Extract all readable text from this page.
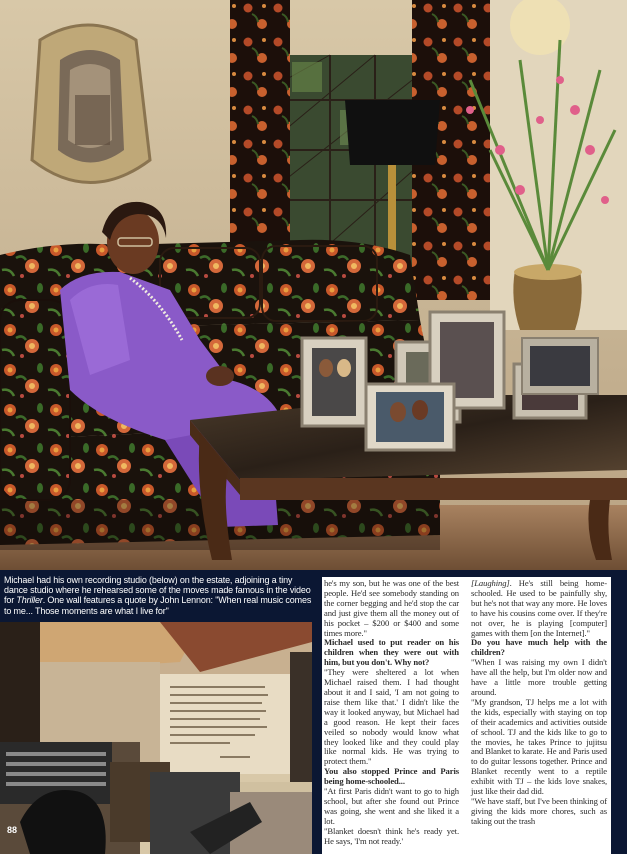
Michael had his own recording studio (below) on the estate, adjoining a tiny dance studio where he rehearsed some of the moves made famous in the video for Thriller. One wall features a quote by John Lennon: "When real music comes to me... Those moments are what I live for"
88

he's my son, but he was one of the best people. He'd see somebody standing on the corner begging and he'd stop the car and just give them all the money out of his pocket – $200 or $400 and some times more."

Michael used to put reader on his children when they were out with him, but you don't. Why not?

"They were sheltered a lot when Michael raised them. I had thought about it and I said, 'I am not going to raise them like that.' I didn't like the way it looked anyway, but Michael had a good reason. He kept their faces veiled so nobody would know what they looked like and they could play like normal kids. He was trying to protect them."

You also stopped Prince and Paris being home-schooled...

"At first Paris didn't want to go to high school, but after she found out Prince was going, she went and she liked it a lot.

"Blanket doesn't think he's ready yet. He says, 'I'm not ready.'

[Laughing]. He's still being home-schooled. He used to be painfully shy, but he's not that way any more. He loves to have his cousins come over. If they're not over, he is playing [computer] games with them [on the Internet]."

Do you have much help with the children?

"When I was raising my own I didn't have all the help, but I'm older now and have a little more trouble getting around.

"My grandson, TJ helps me a lot with the kids, especially with staying on top of their academics and activities outside of school. TJ and the kids like to go to the movies, he takes Prince to jujitsu and Blanket to karate. He and Paris used to do guitar lessons together. Prince and Blanket recently went to a reptile exhibit with TJ – the kids love snakes, just like their dad did.

"We have staff, but I've been thinking of giving the kids more chores, such as taking out the trash
